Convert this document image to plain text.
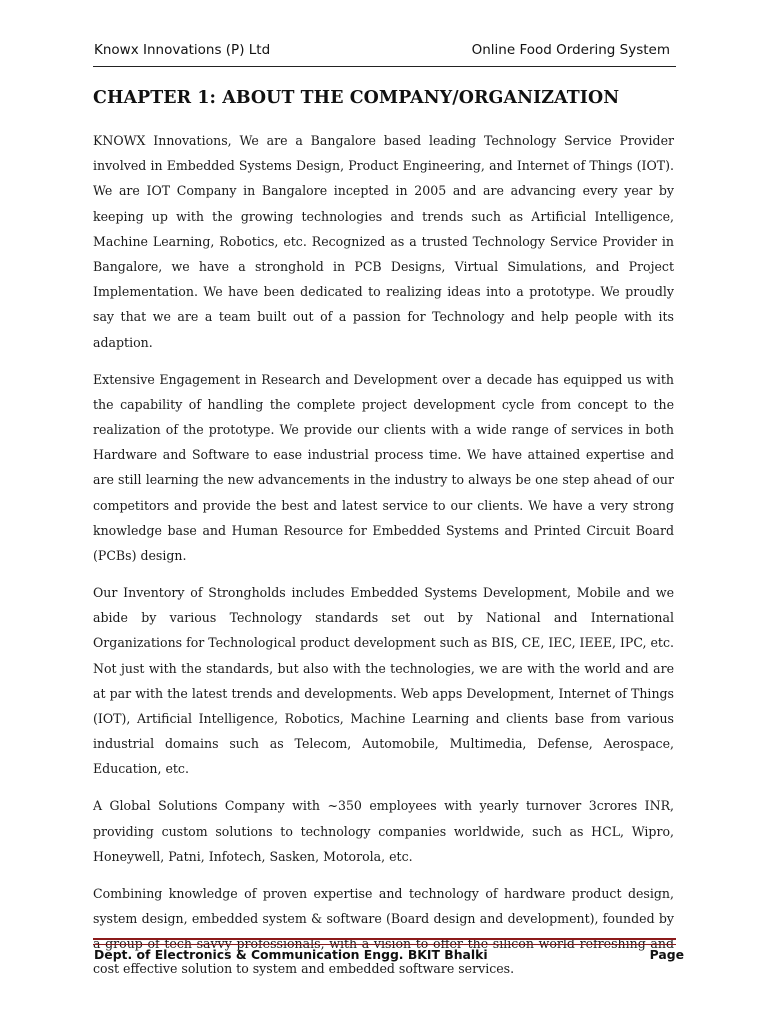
Knowx Innovations (P) Ltd	Online Food Ordering System
CHAPTER 1: ABOUT THE COMPANY/ORGANIZATION

KNOWX Innovations, We are a Bangalore based leading Technology Service Provider involved in Embedded Systems Design, Product Engineering, and Internet of Things (IOT). We are IOT Company in Bangalore incepted in 2005 and are advancing every year by keeping up with the growing technologies and trends such as Artificial Intelligence, Machine Learning, Robotics, etc. Recognized as a trusted Technology Service Provider in Bangalore, we have a stronghold in PCB Designs, Virtual Simulations, and Project Implementation. We have been dedicated to realizing ideas into a prototype. We proudly say that we are a team built out of a passion for Technology and help people with its adaption.

Extensive Engagement in Research and Development over a decade has equipped us with the capability of handling the complete project development cycle from concept to the realization of the prototype. We provide our clients with a wide range of services in both Hardware and Software to ease industrial process time. We have attained expertise and are still learning the new advancements in the industry to always be one step ahead of our competitors and provide the best and latest service to our clients. We have a very strong knowledge base and Human Resource for Embedded Systems and Printed Circuit Board (PCBs) design.

Our Inventory of Strongholds includes Embedded Systems Development, Mobile and we abide by various Technology standards set out by National and International Organizations for Technological product development such as BIS, CE, IEC, IEEE, IPC, etc. Not just with the standards, but also with the technologies, we are with the world and are at par with the latest trends and developments. Web apps Development, Internet of Things (IOT), Artificial Intelligence, Robotics, Machine Learning and clients base from various industrial domains such as Telecom, Automobile, Multimedia, Defense, Aerospace, Education, etc.

A Global Solutions Company with ~350 employees with yearly turnover 3crores INR, providing custom solutions to technology companies worldwide, such as HCL, Wipro, Honeywell, Patni, Infotech, Sasken, Motorola, etc.

Combining knowledge of proven expertise and technology of hardware product design, system design, embedded system & software (Board design and development), founded by a group of tech savvy professionals, with a vision to offer the silicon world refreshing and cost effective solution to system and embedded software services.

Dept. of Electronics & Communication Engg. BKIT Bhalki	Page
